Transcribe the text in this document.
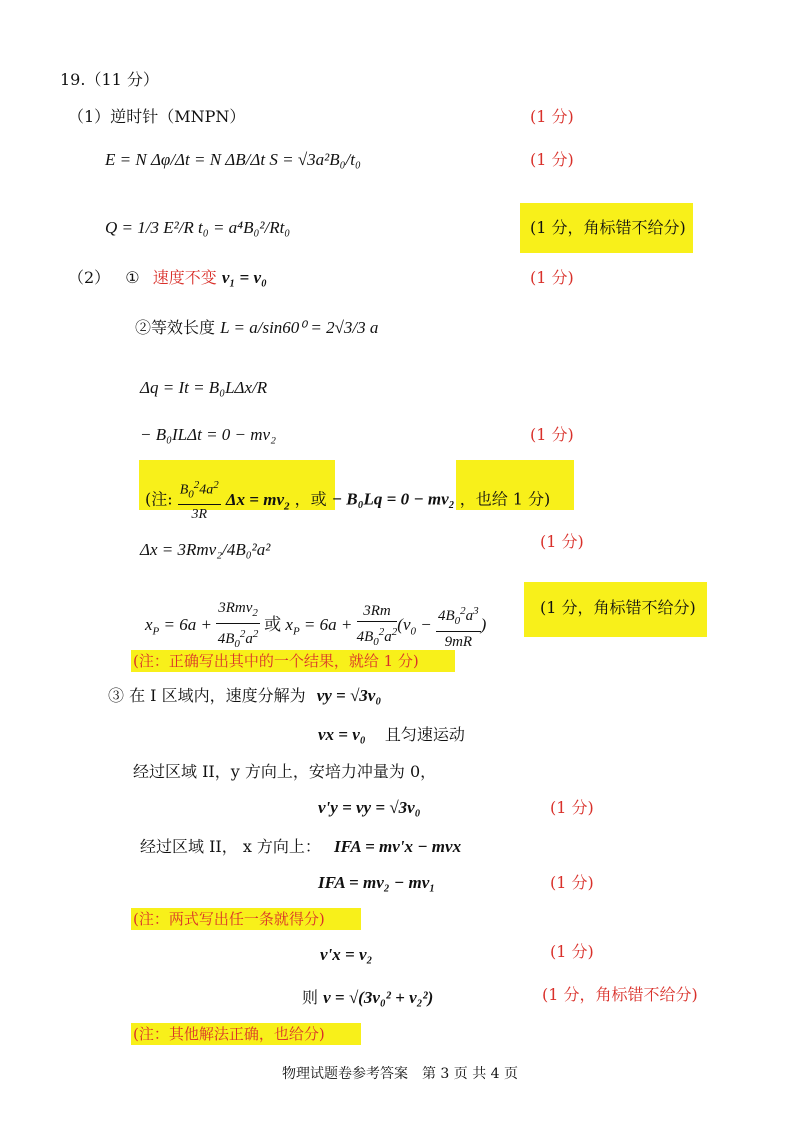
19.（11 分）
（1）逆时针（MNPN）	(1 分)
E = N Δφ/Δt = N ΔB/Δt S = √3a²B₀/t₀	(1 分)
Q = 1/3 E²/R t₀ = a⁴B₀²/Rt₀	(1 分，角标错不给分)
（2） ① 速度不变 v₁ = v₀	(1 分)
②等效长度 L = a/sin60⁰ = 2√3/3 a
Δq = It = B₀LΔx/R
− B₀ILΔt = 0 − mv₂	(1 分)
(注: $\frac{B_0^24a^2}{3R}$ $\Delta x = mv_2$ ，或 − B₀Lq = 0 − mv₂ ，也给 1 分)
Δx = 3Rmv₂/4B₀²a²	(1 分)
$x_P = 6a + \frac{3Rmv_2}{4B_0^2a^2}$ 或 $x_P = 6a + \frac{3Rm}{4B_0^2a^2} (v_0 - \frac{4B_0^2a^3}{9mR}$ )
(1 分，角标错不给分)
(注：正确写出其中的一个结果，就给 1 分)
③ 在 I 区域内，速度分解为 vy = √3v₀
vx = v₀ 且匀速运动
经过区域 II，y 方向上，安培力冲量为 0，
v'y = vy = √3v₀	(1 分)
经过区域 II， x 方向上： IFA = mv'x − mvx
IFA = mv₂ − mv₁	(1 分)
(注：两式写出任一条就得分)
v'x = v₂	(1 分)
则 v = √(3v₀² + v₂²)	(1 分，角标错不给分)
(注：其他解法正确，也给分)
物理试题卷参考答案　第 3 页 共 4 页
